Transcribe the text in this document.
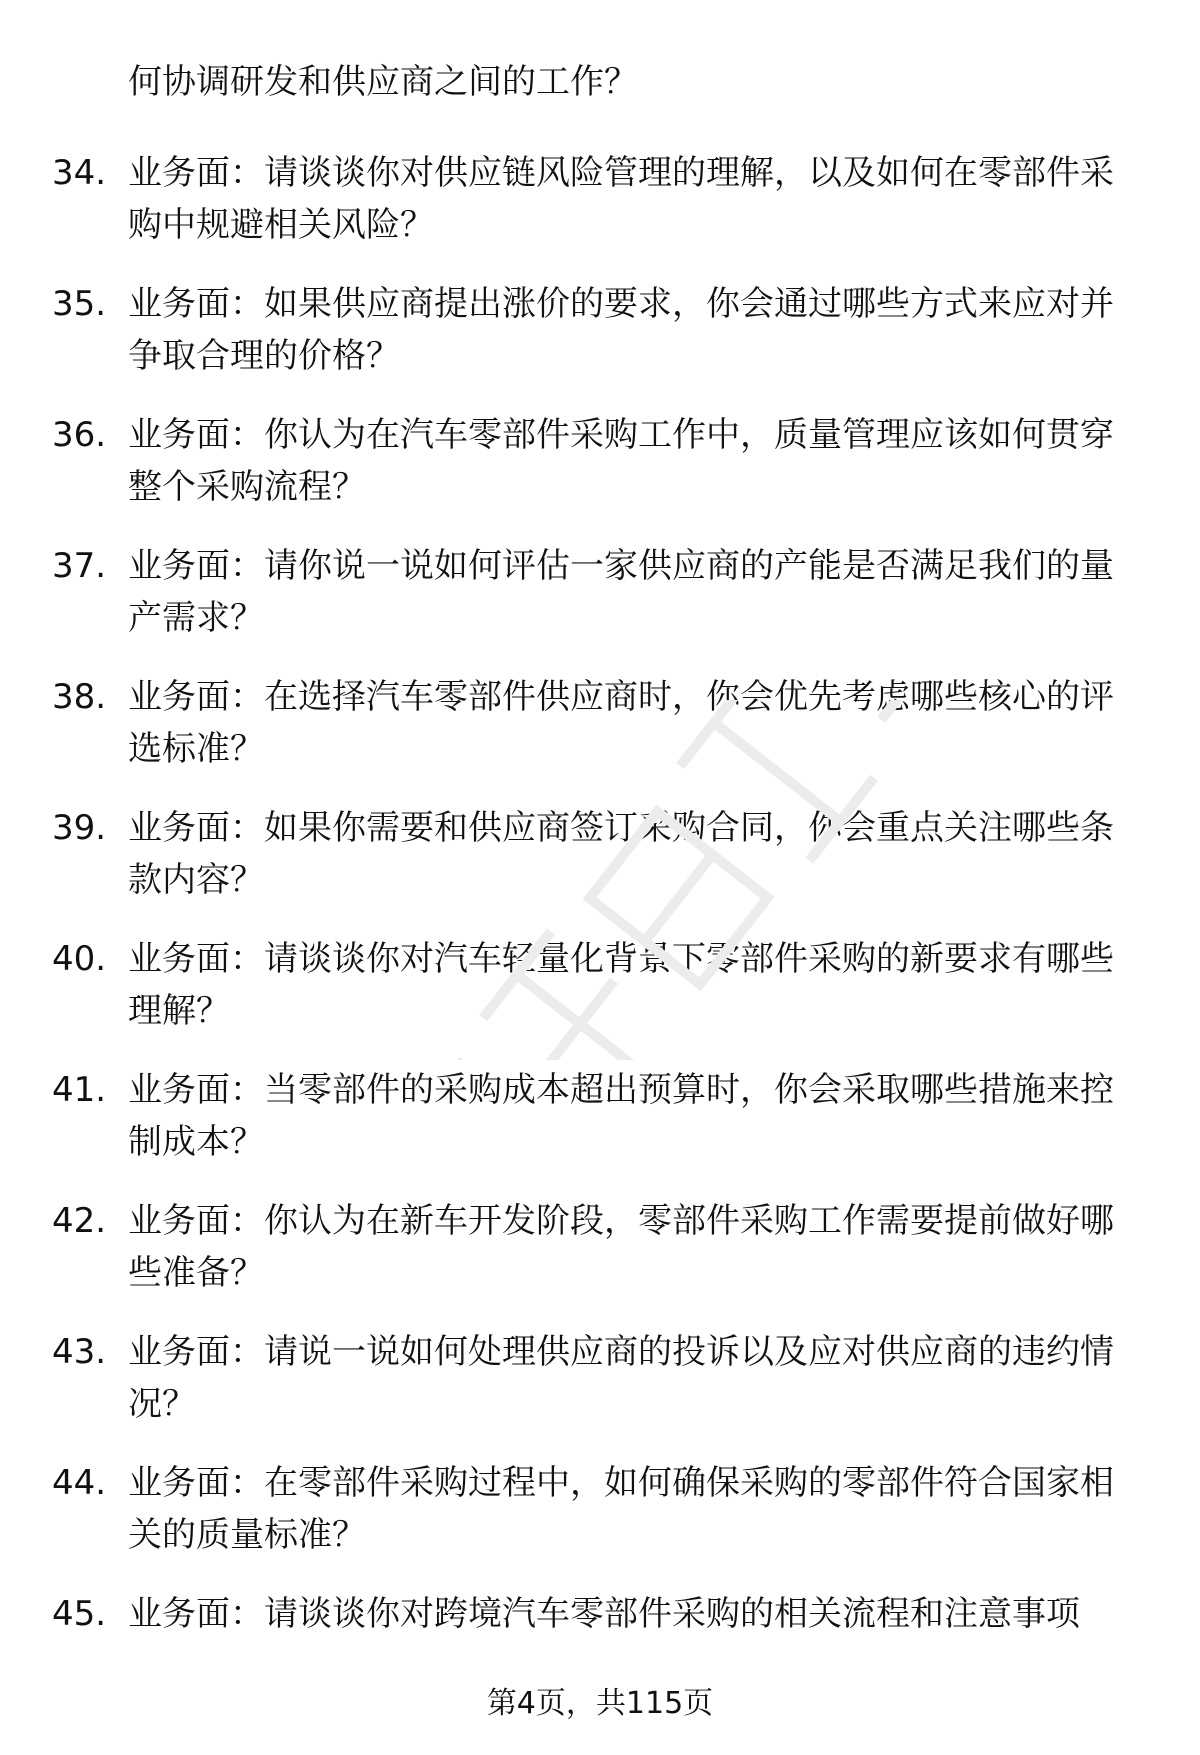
何协调研发和供应商之间的工作？
34. 业务面：请谈谈你对供应链风险管理的理解，以及如何在零部件采购中规避相关风险？
35. 业务面：如果供应商提出涨价的要求，你会通过哪些方式来应对并争取合理的价格？
36. 业务面：你认为在汽车零部件采购工作中，质量管理应该如何贯穿整个采购流程？
37. 业务面：请你说一说如何评估一家供应商的产能是否满足我们的量产需求？
38. 业务面：在选择汽车零部件供应商时，你会优先考虑哪些核心的评选标准？
39. 业务面：如果你需要和供应商签订采购合同，你会重点关注哪些条款内容？
40. 业务面：请谈谈你对汽车轻量化背景下零部件采购的新要求有哪些理解？
41. 业务面：当零部件的采购成本超出预算时，你会采取哪些措施来控制成本？
42. 业务面：你认为在新车开发阶段，零部件采购工作需要提前做好哪些准备？
43. 业务面：请说一说如何处理供应商的投诉以及应对供应商的违约情况？
44. 业务面：在零部件采购过程中，如何确保采购的零部件符合国家相关的质量标准？
45. 业务面：请谈谈你对跨境汽车零部件采购的相关流程和注意事项
第4页，共115页
